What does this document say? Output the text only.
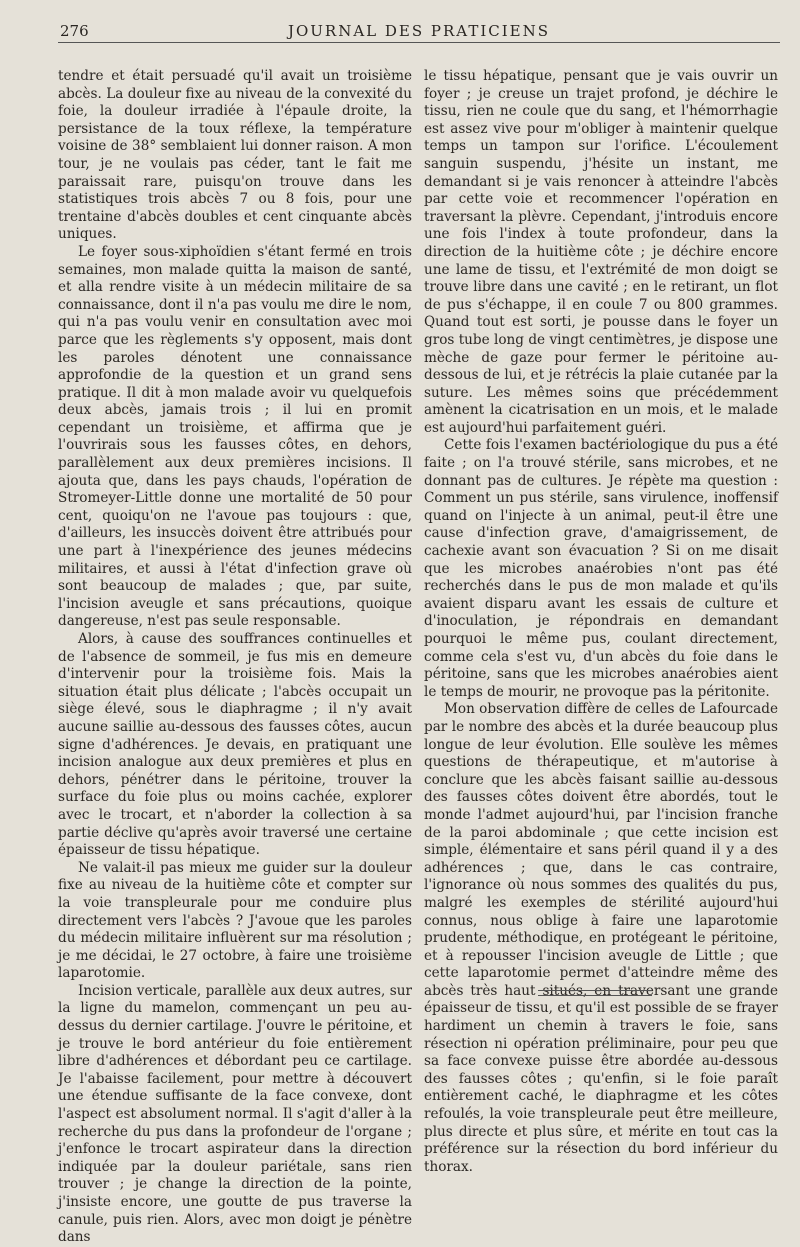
276	JOURNAL DES PRATICIENS

tendre et était persuadé qu'il avait un troisième abcès. La douleur fixe au niveau de la convexité du foie, la douleur irradiée à l'épaule droite, la persistance de la toux réflexe, la température voisine de 38° semblaient lui donner raison. A mon tour, je ne voulais pas céder, tant le fait me paraissait rare, puisqu'on trouve dans les statistiques trois abcès 7 ou 8 fois, pour une trentaine d'abcès doubles et cent cinquante abcès uniques.

Le foyer sous-xiphoïdien s'étant fermé en trois semaines, mon malade quitta la maison de santé, et alla rendre visite à un médecin militaire de sa connaissance, dont il n'a pas voulu me dire le nom, qui n'a pas voulu venir en consultation avec moi parce que les règlements s'y opposent, mais dont les paroles dénotent une connaissance approfondie de la question et un grand sens pratique. Il dit à mon malade avoir vu quelquefois deux abcès, jamais trois ; il lui en promit cependant un troisième, et affirma que je l'ouvrirais sous les fausses côtes, en dehors, parallèlement aux deux premières incisions. Il ajouta que, dans les pays chauds, l'opération de Stromeyer-Little donne une mortalité de 50 pour cent, quoiqu'on ne l'avoue pas toujours : que, d'ailleurs, les insuccès doivent être attribués pour une part à l'inexpérience des jeunes médecins militaires, et aussi à l'état d'infection grave où sont beaucoup de malades ; que, par suite, l'incision aveugle et sans précautions, quoique dangereuse, n'est pas seule responsable.

Alors, à cause des souffrances continuelles et de l'absence de sommeil, je fus mis en demeure d'intervenir pour la troisième fois. Mais la situation était plus délicate ; l'abcès occupait un siège élevé, sous le diaphragme ; il n'y avait aucune saillie au-dessous des fausses côtes, aucun signe d'adhérences. Je devais, en pratiquant une incision analogue aux deux premières et plus en dehors, pénétrer dans le péritoine, trouver la surface du foie plus ou moins cachée, explorer avec le trocart, et n'aborder la collection à sa partie déclive qu'après avoir traversé une certaine épaisseur de tissu hépatique.

Ne valait-il pas mieux me guider sur la douleur fixe au niveau de la huitième côte et compter sur la voie transpleurale pour me conduire plus directement vers l'abcès ? J'avoue que les paroles du médecin militaire influèrent sur ma résolution ; je me décidai, le 27 octobre, à faire une troisième laparotomie.

Incision verticale, parallèle aux deux autres, sur la ligne du mamelon, commençant un peu au-dessus du dernier cartilage. J'ouvre le péritoine, et je trouve le bord antérieur du foie entièrement libre d'adhérences et débordant peu ce cartilage. Je l'abaisse facilement, pour mettre à découvert une étendue suffisante de la face convexe, dont l'aspect est absolument normal. Il s'agit d'aller à la recherche du pus dans la profondeur de l'organe ; j'enfonce le trocart aspirateur dans la direction indiquée par la douleur pariétale, sans rien trouver ; je change la direction de la pointe, j'insiste encore, une goutte de pus traverse la canule, puis rien. Alors, avec mon doigt je pénètre dans

le tissu hépatique, pensant que je vais ouvrir un foyer ; je creuse un trajet profond, je déchire le tissu, rien ne coule que du sang, et l'hémorrhagie est assez vive pour m'obliger à maintenir quelque temps un tampon sur l'orifice. L'écoulement sanguin suspendu, j'hésite un instant, me demandant si je vais renoncer à atteindre l'abcès par cette voie et recommencer l'opération en traversant la plèvre. Cependant, j'introduis encore une fois l'index à toute profondeur, dans la direction de la huitième côte ; je déchire encore une lame de tissu, et l'extrémité de mon doigt se trouve libre dans une cavité ; en le retirant, un flot de pus s'échappe, il en coule 7 ou 800 grammes. Quand tout est sorti, je pousse dans le foyer un gros tube long de vingt centimètres, je dispose une mèche de gaze pour fermer le péritoine au-dessous de lui, et je rétrécis la plaie cutanée par la suture. Les mêmes soins que précédemment amènent la cicatrisation en un mois, et le malade est aujourd'hui parfaitement guéri.

Cette fois l'examen bactériologique du pus a été faite ; on l'a trouvé stérile, sans microbes, et ne donnant pas de cultures. Je répète ma question : Comment un pus stérile, sans virulence, inoffensif quand on l'injecte à un animal, peut-il être une cause d'infection grave, d'amaigrissement, de cachexie avant son évacuation ? Si on me disait que les microbes anaérobies n'ont pas été recherchés dans le pus de mon malade et qu'ils avaient disparu avant les essais de culture et d'inoculation, je répondrais en demandant pourquoi le même pus, coulant directement, comme cela s'est vu, d'un abcès du foie dans le péritoine, sans que les microbes anaérobies aient le temps de mourir, ne provoque pas la péritonite.

Mon observation diffère de celles de Lafourcade par le nombre des abcès et la durée beaucoup plus longue de leur évolution. Elle soulève les mêmes questions de thérapeutique, et m'autorise à conclure que les abcès faisant saillie au-dessous des fausses côtes doivent être abordés, tout le monde l'admet aujourd'hui, par l'incision franche de la paroi abdominale ; que cette incision est simple, élémentaire et sans péril quand il y a des adhérences ; que, dans le cas contraire, l'ignorance où nous sommes des qualités du pus, malgré les exemples de stérilité aujourd'hui connus, nous oblige à faire une laparotomie prudente, méthodique, en protégeant le péritoine, et à repousser l'incision aveugle de Little ; que cette laparotomie permet d'atteindre même des abcès très haut situés, en traversant une grande épaisseur de tissu, et qu'il est possible de se frayer hardiment un chemin à travers le foie, sans résection ni opération préliminaire, pour peu que sa face convexe puisse être abordée au-dessous des fausses côtes ; qu'enfin, si le foie paraît entièrement caché, le diaphragme et les côtes refoulés, la voie transpleurale peut être meilleure, plus directe et plus sûre, et mérite en tout cas la préférence sur la résection du bord inférieur du thorax.
